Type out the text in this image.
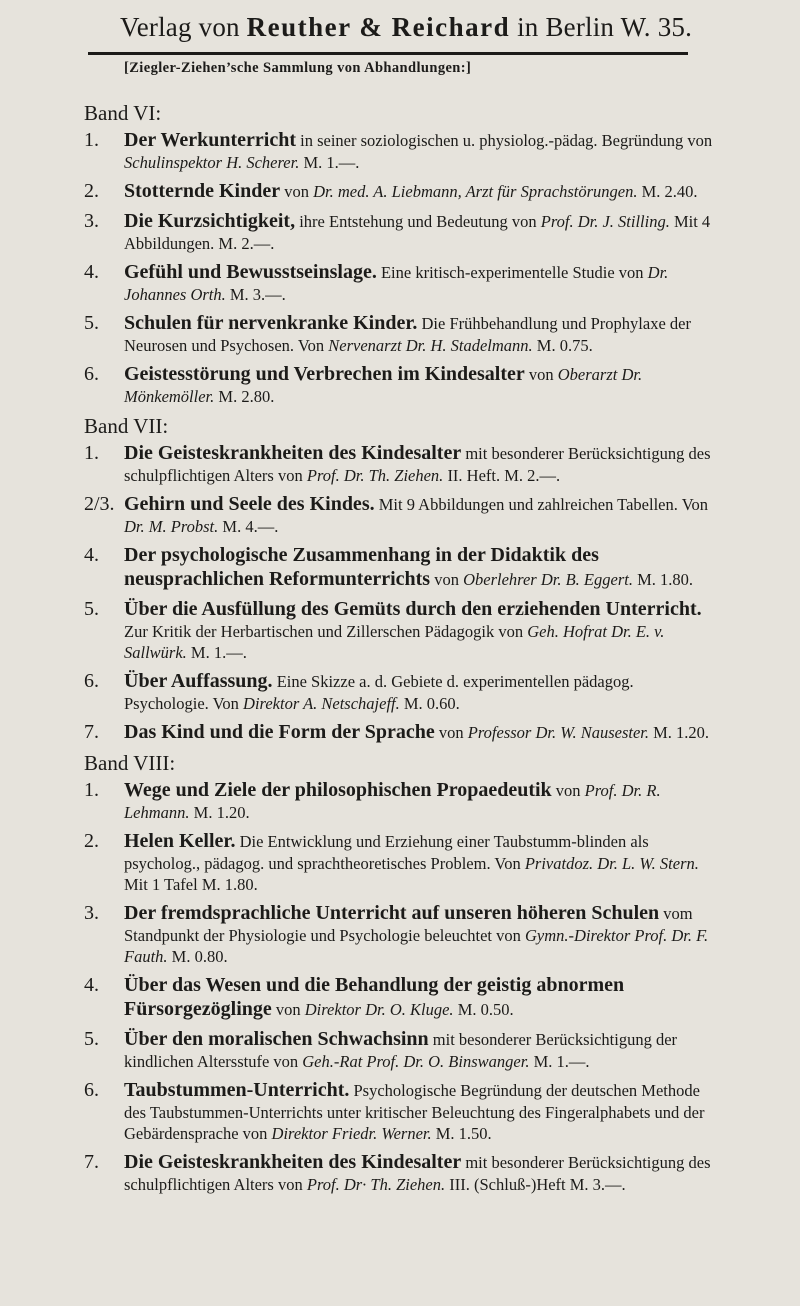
Verlag von Reuther & Reichard in Berlin W. 35.
[Ziegler-Ziehen’sche Sammlung von Abhandlungen:]
Band VI:
1. Der Werkunterricht in seiner soziologischen u. physiolog.-pädag. Begründung von Schulinspektor H. Scherer. M. 1.—.
2. Stotternde Kinder von Dr. med. A. Liebmann, Arzt für Sprachstörungen. M. 2.40.
3. Die Kurzsichtigkeit, ihre Entstehung und Bedeutung von Prof. Dr. J. Stilling. Mit 4 Abbildungen. M. 2.—.
4. Gefühl und Bewusstseinslage. Eine kritisch-experimentelle Studie von Dr. Johannes Orth. M. 3.—.
5. Schulen für nervenkranke Kinder. Die Frühbehandlung und Prophylaxe der Neurosen und Psychosen. Von Nervenarzt Dr. H. Stadelmann. M. 0.75.
6. Geistesstörung und Verbrechen im Kindesalter von Oberarzt Dr. Mönkemöller. M. 2.80.
Band VII:
1. Die Geisteskrankheiten des Kindesalter mit besonderer Berücksichtigung des schulpflichtigen Alters von Prof. Dr. Th. Ziehen. II. Heft. M. 2.—.
2/3. Gehirn und Seele des Kindes. Mit 9 Abbildungen und zahlreichen Tabellen. Von Dr. M. Probst. M. 4.—.
4. Der psychologische Zusammenhang in der Didaktik des neusprachlichen Reformunterrichts von Oberlehrer Dr. B. Eggert. M. 1.80.
5. Über die Ausfüllung des Gemüts durch den erziehenden Unterricht. Zur Kritik der Herbartischen und Zillerschen Pädagogik von Geh. Hofrat Dr. E. v. Sallwürk. M. 1.—.
6. Über Auffassung. Eine Skizze a. d. Gebiete d. experimentellen pädagog. Psychologie. Von Direktor A. Netschajeff. M. 0.60.
7. Das Kind und die Form der Sprache von Professor Dr. W. Nausester. M. 1.20.
Band VIII:
1. Wege und Ziele der philosophischen Propaedeutik von Prof. Dr. R. Lehmann. M. 1.20.
2. Helen Keller. Die Entwicklung und Erziehung einer Taubstumm-blinden als psycholog., pädagog. und sprachtheoretisches Problem. Von Privatdoz. Dr. L. W. Stern. Mit 1 Tafel M. 1.80.
3. Der fremdsprachliche Unterricht auf unseren höheren Schulen vom Standpunkt der Physiologie und Psychologie beleuchtet von Gymn.-Direktor Prof. Dr. F. Fauth. M. 0.80.
4. Über das Wesen und die Behandlung der geistig abnormen Fürsorgezöglinge von Direktor Dr. O. Kluge. M. 0.50.
5. Über den moralischen Schwachsinn mit besonderer Berücksichtigung der kindlichen Altersstufe von Geh.-Rat Prof. Dr. O. Binswanger. M. 1.—.
6. Taubstummen-Unterricht. Psychologische Begründung der deutschen Methode des Taubstummen-Unterrichts unter kritischer Beleuchtung des Fingeralphabets und der Gebärdensprache von Direktor Friedr. Werner. M. 1.50.
7. Die Geisteskrankheiten des Kindesalter mit besonderer Berücksichtigung des schulpflichtigen Alters von Prof. Dr· Th. Ziehen. III. (Schluß-)Heft M. 3.—.
